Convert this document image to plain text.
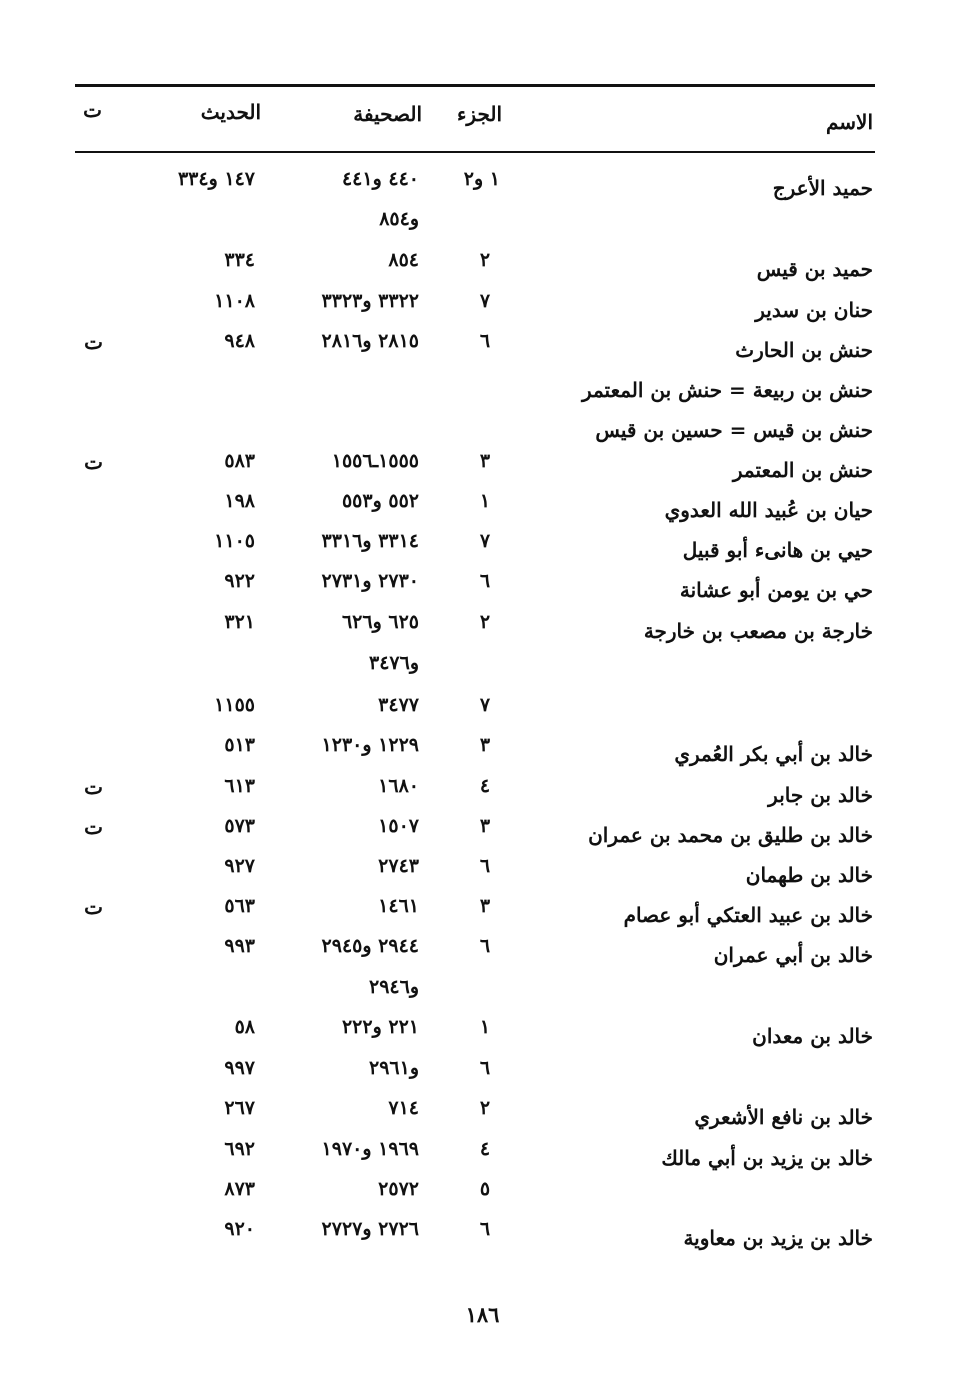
الاسم
الجزء
الصحيفة
الحديث
ت
حميد الأعرج
١ و٢
٤٤٠ و٤٤١
١٤٧ و٣٣٤
و٨٥٤
حميد بن قيس
٢
٨٥٤
٣٣٤
حنان بن سدير
٧
٣٣٢٢ و٣٣٢٣
١١٠٨
حنش بن الحارث
٦
٢٨١٥ و٢٨١٦
٩٤٨
ت
حنش بن ربيعة = حنش بن المعتمر
حنش بن قيس = حسين بن قيس
حنش بن المعتمر
٣
١٥٥٥ـ١٥٥٦
٥٨٣
ت
حيان بن عُبيد الله العدوي
١
٥٥٢ و٥٥٣
١٩٨
حيي بن هانىء أبو قبيل
٧
٣٣١٤ و٣٣١٦
١١٠٥
حي بن يومن أبو عشانة
٦
٢٧٣٠ و٢٧٣١
٩٢٢
خارجة بن مصعب بن خارجة
٢
٦٢٥ و٦٢٦
٣٢١
و٣٤٧٦
٧
٣٤٧٧
١١٥٥
خالد بن أبي بكر العُمري
٣
١٢٢٩ و١٢٣٠
٥١٣
خالد بن جابر
٤
١٦٨٠
٦١٣
ت
خالد بن طليق بن محمد بن عمران
٣
١٥٠٧
٥٧٣
ت
خالد بن طهمان
٦
٢٧٤٣
٩٢٧
خالد بن عبيد العتكي أبو عصام
٣
١٤٦١
٥٦٣
ت
خالد بن أبي عمران
٦
٢٩٤٤ و٢٩٤٥
٩٩٣
و٢٩٤٦
خالد بن معدان
١
٢٢١ و٢٢٢
٥٨
٦
و٢٩٦١
٩٩٧
خالد بن نافع الأشعري
٢
٧١٤
٢٦٧
خالد بن يزيد بن أبي مالك
٤
١٩٦٩ و١٩٧٠
٦٩٢
٥
٢٥٧٢
٨٧٣
خالد بن يزيد بن معاوية
٦
٢٧٢٦ و٢٧٢٧
٩٢٠
١٨٦
